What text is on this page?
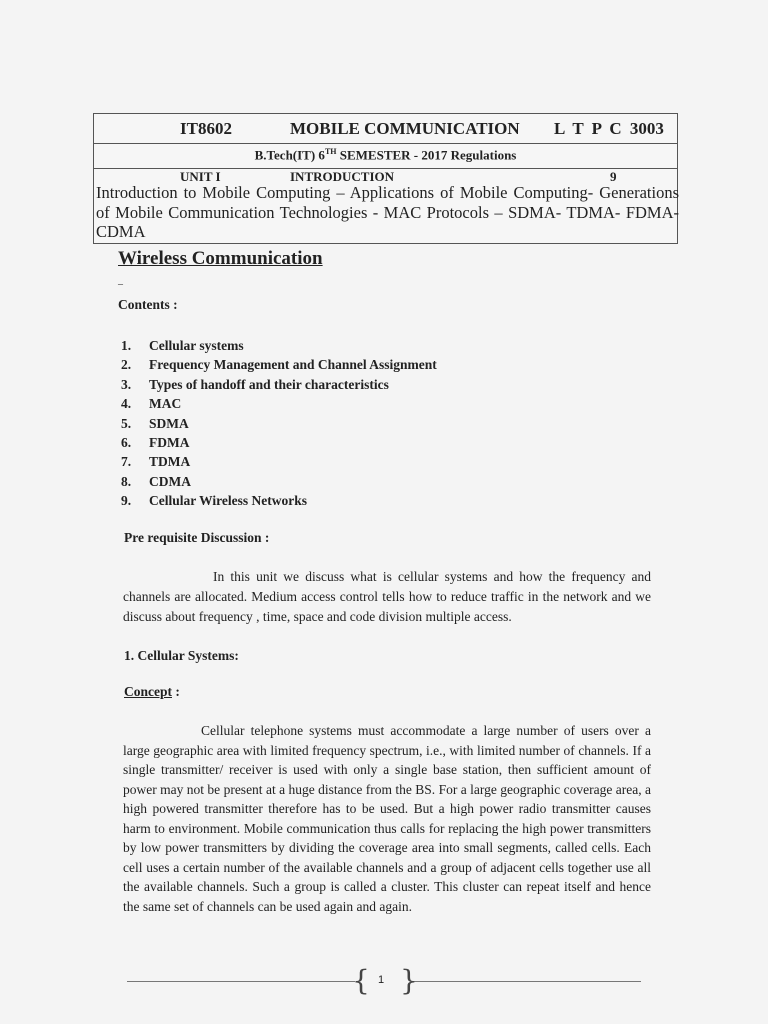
IT8602	MOBILE COMMUNICATION L T P C 3003
B.Tech(IT) 6TH SEMESTER - 2017 Regulations
UNIT I	INTRODUCTION	9
Introduction to Mobile Computing – Applications of Mobile Computing- Generations of Mobile Communication Technologies - MAC Protocols – SDMA- TDMA- FDMA- CDMA
Wireless Communication
–
Contents :
1. Cellular systems
2. Frequency Management and Channel Assignment
3. Types of handoff and their characteristics
4. MAC
5. SDMA
6. FDMA
7. TDMA
8. CDMA
9. Cellular Wireless Networks
Pre requisite Discussion :
In this unit we discuss what is cellular systems and how the frequency and channels are allocated. Medium access control tells how to reduce traffic in the network and we discuss about frequency , time, space and code division multiple access.
1. Cellular Systems:
Concept :
Cellular telephone systems must accommodate a large number of users over a large geographic area with limited frequency spectrum, i.e., with limited number of channels. If a single transmitter/ receiver is used with only a single base station, then sufficient amount of power may not be present at a huge distance from the BS. For a large geographic coverage area, a high powered transmitter therefore has to be used. But a high power radio transmitter causes harm to environment. Mobile communication thus calls for replacing the high power transmitters by low power transmitters by dividing the coverage area into small segments, called cells. Each cell uses a certain number of the available channels and a group of adjacent cells together use all the available channels. Such a group is called a cluster. This cluster can repeat itself and hence the same set of channels can be used again and again.
{ 1 }
